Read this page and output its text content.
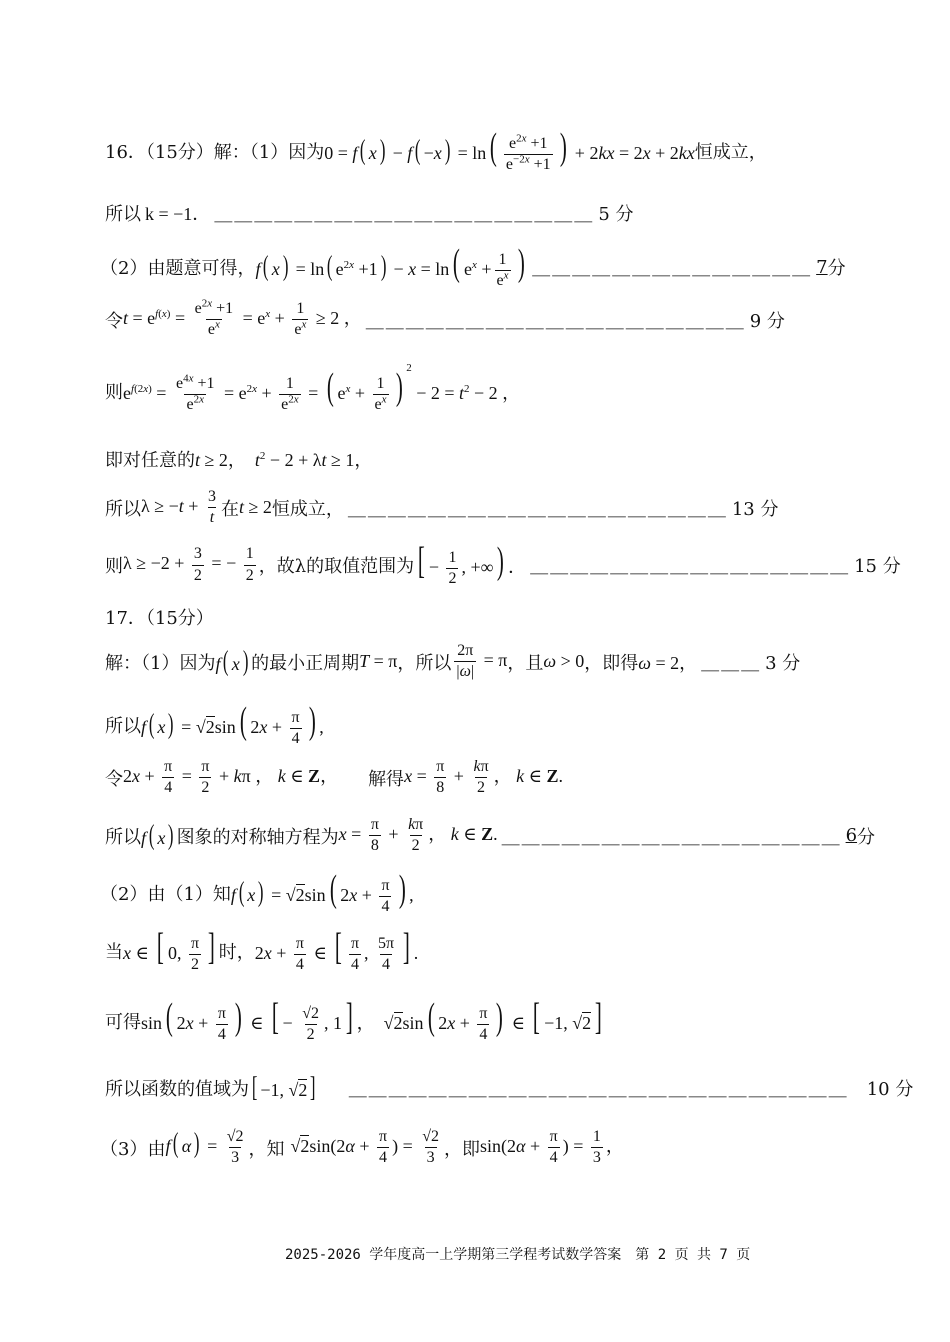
16．（15分）解：（1）因为 0 = f ( x ) − f ( −x ) = ln ( $\frac{e^{2x} +1}{e^{-2x} +1}$ ) + 2kx = 2x + 2kx 恒成立，
所以 k = −1． ＿＿＿＿＿＿＿＿＿＿＿＿＿＿＿＿＿＿＿ 5 分
（2）由题意可得， f ( x ) = ln ( $e^{2x} +1$ ) − x = ln ( $e^x + \frac{1}{e^x}$ ) ＿＿＿＿＿＿＿＿＿＿＿＿＿＿ 7 分
令 $t = e^{f(x)} = \frac{e^{2x} +1}{e^x} = e^x + \frac{1}{e^x} \ge 2$ ， ＿＿＿＿＿＿＿＿＿＿＿＿＿＿＿＿＿＿＿ 9 分
则 $e^{f(2x)} = \frac{e^{4x} +1}{e^{2x}} = e^{2x} + \frac{1}{e^{2x}}$ = ( $e^x + \frac{1}{e^x}$ ) $^2 - 2 = t^2 - 2$ ，
即对任意的 t ≥ 2，  $t^2 - 2 + \lambda t \ge 1$，
所以 $\lambda \ge -t + \frac{3}{t}$ 在 t ≥ 2 恒成立， ＿＿＿＿＿＿＿＿＿＿＿＿＿＿＿＿＿＿＿ 13 分
则 $\lambda \ge -2 + \frac{3}{2}$ = − $\frac{1}{2}$ ，故λ的取值范围为 [ − $\frac{1}{2}$ , +∞ ) ． ＿＿＿＿＿＿＿＿＿＿＿＿＿＿＿＿ 15 分
17．（15分）
解：（1）因为 f ( x ) 的最小正周期 T = π ，所以 $\frac{2\pi}{|\omega|} = \pi$ ，且 ω > 0 ，即得 ω = 2， ＿＿＿ 3 分
所以 f ( x ) = √2sin ( $2x + \frac{\pi}{4}$ ) ,
令 $2x + \frac{\pi}{4} = \frac{\pi}{2} + k\pi$ ， k ∈ Z， 解得 $x = \frac{\pi}{8} + \frac{k\pi}{2}$ ， k ∈ Z.
所以 f ( x ) 图象的对称轴方程为 $x = \frac{\pi}{8} + \frac{k\pi}{2}$ ， k ∈ Z. ＿＿＿＿＿＿＿＿＿＿＿＿＿＿＿＿＿ 6 分
（2）由（1）知 f ( x ) = √2sin ( $2x + \frac{\pi}{4}$ ) ,
当 x ∈ [ 0, $\frac{\pi}{2}$ ] 时， $2x + \frac{\pi}{4}$ ∈ [ $\frac{\pi}{4}$ , $\frac{5\pi}{4}$ ] .
可得 sin ( $2x + \frac{\pi}{4}$ ) ∈ [ − $\frac{√2}{2}$ , 1 ] ，  √2sin ( $2x + \frac{\pi}{4}$ ) ∈ [ −1, √2 ]
所以函数的值域为 [ −1, √2 ] ＿＿＿＿＿＿＿＿＿＿＿＿＿＿＿＿＿＿＿＿＿＿＿＿＿ 10 分
（3）由 f ( α ) = $\frac{√2}{3}$ ，知 $√2\sin(2\alpha + \frac{\pi}{4}$ ) = $\frac{√2}{3}$ ，即 $\sin(2\alpha + \frac{\pi}{4}$ ) = $\frac{1}{3}$ ，
2025-2026 学年度高一上学期第三学程考试数学答案　第 2 页 共 7 页
